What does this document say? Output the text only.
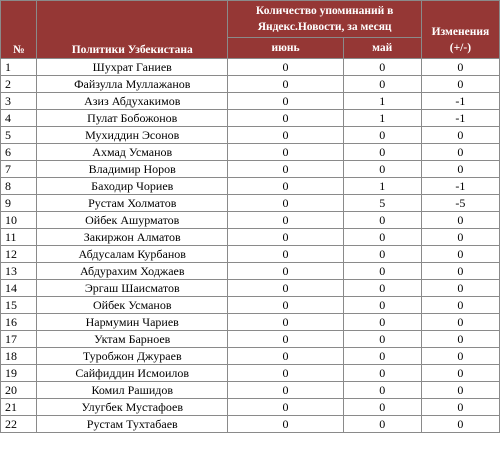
№	Политики Узбекистана	Количество упоминаний в Яндекс.Новости, за месяц		Изменения (+/-)
		июнь	май	
1	Шухрат Ганиев	0	0	0
2	Файзулла Муллажанов	0	0	0
3	Азиз Абдухакимов	0	1	-1
4	Пулат Бобожонов	0	1	-1
5	Мухиддин Эсонов	0	0	0
6	Ахмад Усманов	0	0	0
7	Владимир Норов	0	0	0
8	Баходир Чориев	0	1	-1
9	Рустам Холматов	0	5	-5
10	Ойбек Ашурматов	0	0	0
11	Закиржон Алматов	0	0	0
12	Абдусалам Курбанов	0	0	0
13	Абдурахим Ходжаев	0	0	0
14	Эргаш Шаисматов	0	0	0
15	Ойбек Усманов	0	0	0
16	Нармумин Чариев	0	0	0
17	Уктам Барноев	0	0	0
18	Туробжон Джураев	0	0	0
19	Сайфиддин Исмоилов	0	0	0
20	Комил Рашидов	0	0	0
21	Улугбек Мустафоев	0	0	0
22	Рустам Тухтабаев	0	0	0
